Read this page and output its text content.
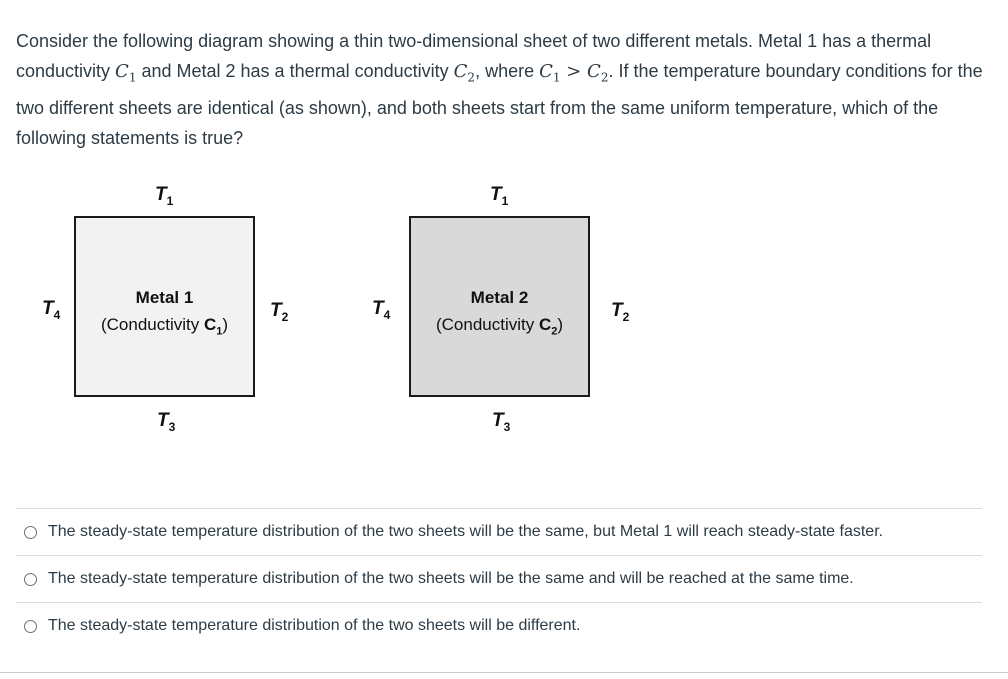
Consider the following diagram showing a thin two-dimensional sheet of two different metals. Metal 1 has a thermal conductivity $C_1$ and Metal 2 has a thermal conductivity $C_2$, where $C_1 > C_2$. If the temperature boundary conditions for the two different sheets are identical (as shown), and both sheets start from the same uniform temperature, which of the following statements is true?
$T_1$
$T_4$	$T_2$
$T_3$
Metal 1
(Conductivity $C_1$)
$T_1$
$T_4$	$T_2$
$T_3$
Metal 2
(Conductivity $C_2$)
The steady-state temperature distribution of the two sheets will be the same, but Metal 1 will reach steady-state faster.
The steady-state temperature distribution of the two sheets will be the same and will be reached at the same time.
The steady-state temperature distribution of the two sheets will be different.
